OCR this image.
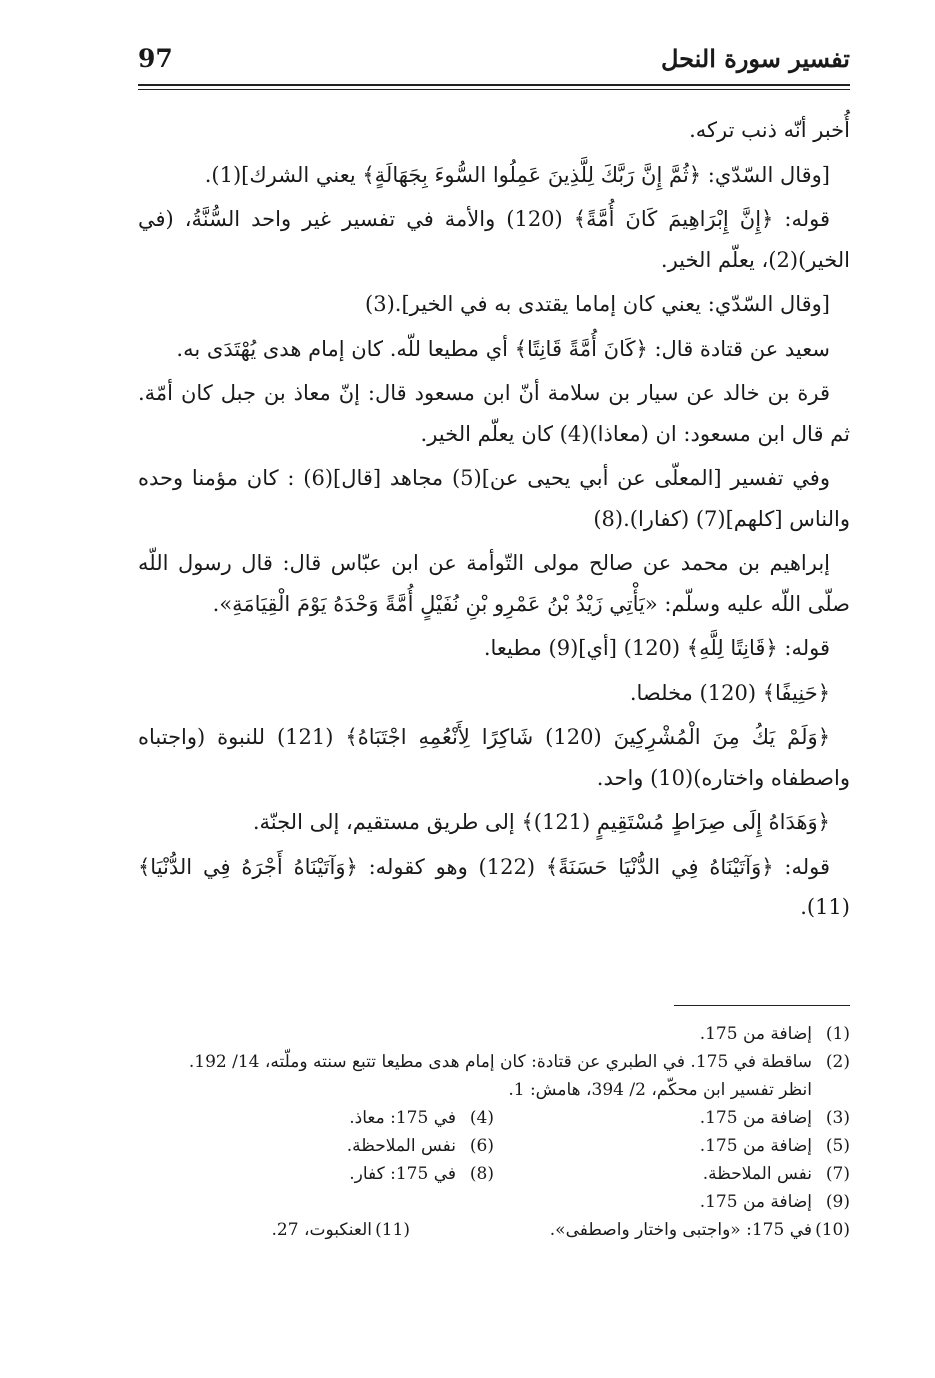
تفسير سورة النحل
97

أُخبر أنّه ذنب تركه.

[وقال السّدّي: ﴿ثُمَّ إِنَّ رَبَّكَ لِلَّذِينَ عَمِلُوا السُّوءَ بِجَهَالَةٍ﴾ يعني الشرك](1).

قوله: ﴿إِنَّ إِبْرَاهِيمَ كَانَ أُمَّةً﴾ (120) والأمة في تفسير غير واحد السُّنَّةُ، (في الخير)(2)، يعلّم الخير.

[وقال السّدّي: يعني كان إماما يقتدى به في الخير].(3)

سعيد عن قتادة قال: ﴿كَانَ أُمَّةً قَانِتًا﴾ أي مطيعا للّه. كان إمام هدى يُهْتَدَى به.

قرة بن خالد عن سيار بن سلامة أنّ ابن مسعود قال: إنّ معاذ بن جبل كان أمّة. ثم قال ابن مسعود: ان (معاذا)(4) كان يعلّم الخير.

وفي تفسير [المعلّى عن أبي يحيى عن](5) مجاهد [قال](6) : كان مؤمنا وحده والناس [كلهم](7) (كفارا).(8)

إبراهيم بن محمد عن صالح مولى التّوأمة عن ابن عبّاس قال: قال رسول اللّه صلّى اللّه عليه وسلّم: «يَأْتِي زَيْدُ بْنُ عَمْرِو بْنِ نُفَيْلٍ أُمَّةً وَحْدَهُ يَوْمَ الْقِيَامَةِ».

قوله: ﴿قَانِتًا لِلَّهِ﴾ (120) [أي](9) مطيعا.

﴿حَنِيفًا﴾ (120) مخلصا.

﴿وَلَمْ يَكُ مِنَ الْمُشْرِكِينَ (120) شَاكِرًا لِأَنْعُمِهِ اجْتَبَاهُ﴾ (121) للنبوة (واجتباه واصطفاه واختاره)(10) واحد.

﴿وَهَدَاهُ إِلَى صِرَاطٍ مُسْتَقِيمٍ (121)﴾ إلى طريق مستقيم، إلى الجنّة.

قوله: ﴿وَآتَيْنَاهُ فِي الدُّنْيَا حَسَنَةً﴾ (122) وهو كقوله: ﴿وَآتَيْنَاهُ أَجْرَهُ فِي الدُّنْيَا﴾(11).

(1)
إضافة من 175.
(2)
ساقطة في 175. في الطبري عن قتادة: كان إمام هدى مطيعا تتبع سنته وملّته، 14/ 192.
انظر تفسير ابن محكّم، 2/ 394، هامش: 1.
(3)
إضافة من 175.
(4)
في 175: معاذ.
(5)
إضافة من 175.
(6)
نفس الملاحظة.
(7)
نفس الملاحظة.
(8)
في 175: كفار.
(9)
إضافة من 175.
(10)
في 175: «واجتبى واختار واصطفى».
(11)
العنكبوت، 27.
